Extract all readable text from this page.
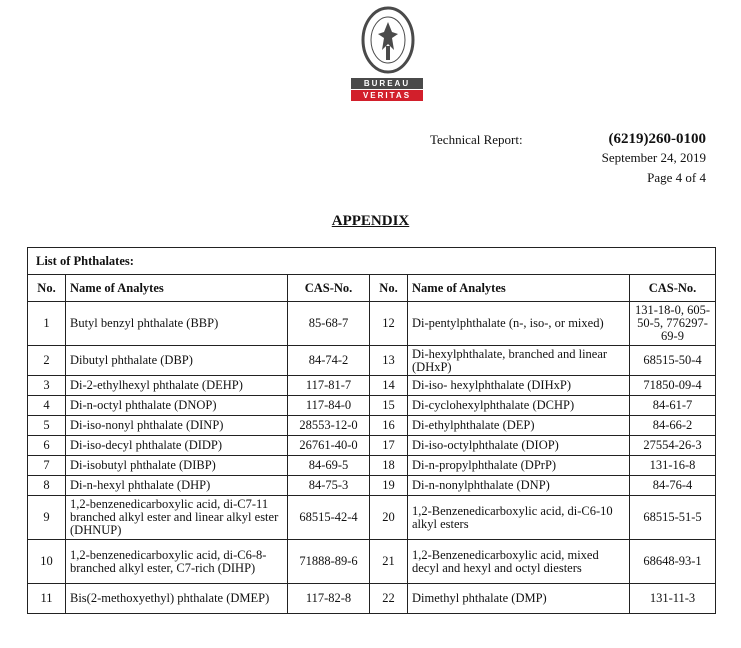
BUREAU
VERITAS
Technical Report:	(6219)260-0100
September 24, 2019
Page 4 of 4
APPENDIX
List of Phthalates:					
No.	Name of Analytes	CAS-No.	No.	Name of Analytes	CAS-No.
1	Butyl benzyl phthalate (BBP)	85-68-7	12	Di-pentylphthalate (n-, iso-, or mixed)	131-18-0, 605-50-5, 776297-69-9
2	Dibutyl phthalate (DBP)	84-74-2	13	Di-hexylphthalate, branched and linear (DHxP)	68515-50-4
3	Di-2-ethylhexyl phthalate (DEHP)	117-81-7	14	Di-iso- hexylphthalate (DIHxP)	71850-09-4
4	Di-n-octyl phthalate (DNOP)	117-84-0	15	Di-cyclohexylphthalate (DCHP)	84-61-7
5	Di-iso-nonyl phthalate (DINP)	28553-12-0	16	Di-ethylphthalate (DEP)	84-66-2
6	Di-iso-decyl phthalate (DIDP)	26761-40-0	17	Di-iso-octylphthalate (DIOP)	27554-26-3
7	Di-isobutyl phthalate (DIBP)	84-69-5	18	Di-n-propylphthalate (DPrP)	131-16-8
8	Di-n-hexyl phthalate (DHP)	84-75-3	19	Di-n-nonylphthalate (DNP)	84-76-4
9	1,2-benzenedicarboxylic acid, di-C7-11 branched alkyl ester and linear alkyl ester (DHNUP)	68515-42-4	20	1,2-Benzenedicarboxylic acid, di-C6-10 alkyl esters	68515-51-5
10	1,2-benzenedicarboxylic acid, di-C6-8-branched alkyl ester, C7-rich (DIHP)	71888-89-6	21	1,2-Benzenedicarboxylic acid, mixed decyl and hexyl and octyl diesters	68648-93-1
11	Bis(2-methoxyethyl) phthalate (DMEP)	117-82-8	22	Dimethyl phthalate (DMP)	131-11-3
